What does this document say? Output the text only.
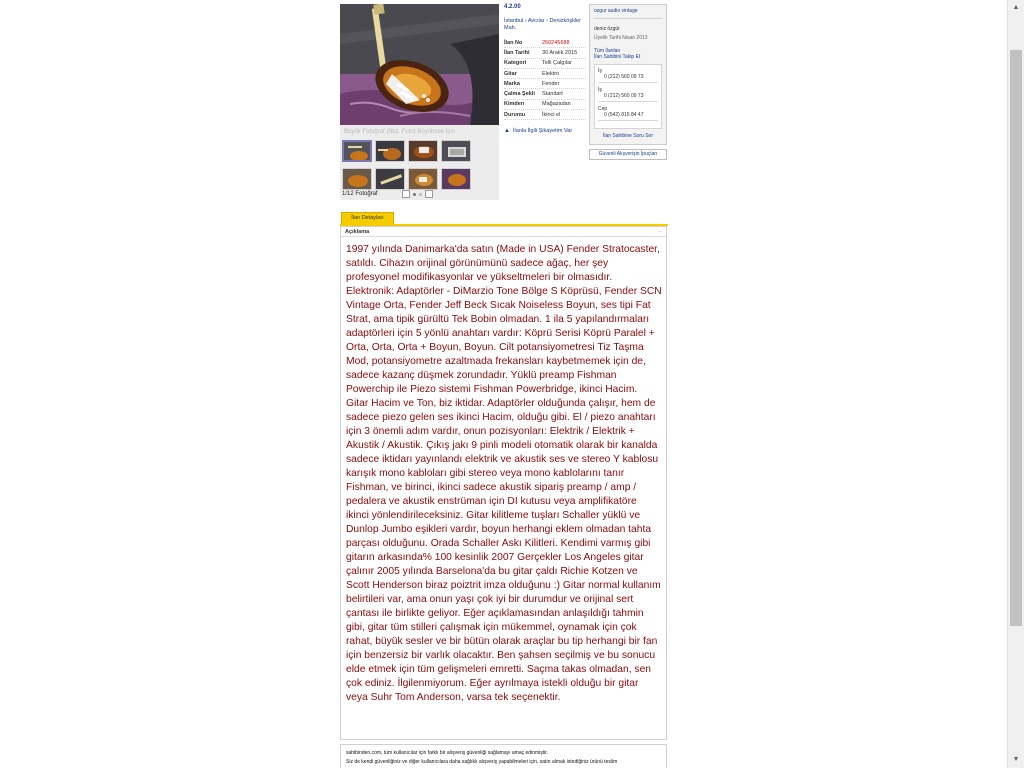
Büyük Fotoğraf (Bkz. Foto) Büyütmek İçin
1/12 Fotoğraf
4.2.00
İstanbul › Avcılar › Denizköşkler Mah.
İlan No	250245688
İlan Tarihi	30 Aralık 2015
Kategori	Telli Çalgılar
Gitar	Elektro
Marka	Fender
Çalma Şekli	Standart
Kimden	Mağazadan
Durumu	İkinci el
▲ İlanla İlgili Şikayetim Var
ozgur audio vintage
deniz özgür
Üyelik Tarihi Nisan 2013
Tüm İlanları
İlan Sahibini Takip Et
İş
0 (212) 560 09 73
İş
0 (212) 560 09 73
Cep
0 (542) 815 84 47
İlan Sahibine Soru Sor
Güvenli Alışverişin İpuçları
İlan Detayları
Açıklama	−
1997 yılında Danimarka'da satın (Made in USA) Fender Stratocaster, satıldı. Cihazın orijinal görünümünü sadece ağaç, her şey profesyonel modifikasyonlar ve yükseltmeleri bir olmasıdır. Elektronik: Adaptörler - DiMarzio Tone Bölge S Köprüsü, Fender SCN Vintage Orta, Fender Jeff Beck Sıcak Noiseless Boyun, ses tipi Fat Strat, ama tipik gürültü Tek Bobin olmadan. 1 ila 5 yapılandırmaları adaptörleri için 5 yönlü anahtarı vardır: Köprü Serisi Köprü Paralel + Orta, Orta, Orta + Boyun, Boyun. Cilt potansiyometresi Tiz Taşma Mod, potansiyometre azaltmada frekansları kaybetmemek için de, sadece kazanç düşmek zorundadır. Yüklü preamp Fishman Powerchip ile Piezo sistemi Fishman Powerbridge, ikinci Hacim. Gitar Hacim ve Ton, biz iktidar. Adaptörler olduğunda çalışır, hem de sadece piezo gelen ses ikinci Hacim, olduğu gibi. El / piezo anahtarı için 3 önemli adım vardır, onun pozisyonları: Elektrik / Elektrik + Akustik / Akustik. Çıkış jakı 9 pinli modeli otomatik olarak bir kanalda sadece iktidarı yayınlandı elektrik ve akustik ses ve stereo Y kablosu karışık mono kabloları gibi stereo veya mono kablolarını tanır Fishman, ve birinci, ikinci sadece akustik sipariş preamp / amp / pedalera ve akustik enstrüman için DI kutusu veya amplifikatöre ikinci yönlendirileceksiniz. Gitar kilitleme tuşları Schaller yüklü ve Dunlop Jumbo eşikleri vardır, boyun herhangi eklem olmadan tahta parçası olduğunu. Orada Schaller Askı Kilitleri. Kendimi varmış gibi gitarın arkasında% 100 kesinlik 2007 Gerçekler Los Angeles gitar çalınır 2005 yılında Barselona'da bu gitar çaldı Richie Kotzen ve Scott Henderson biraz poiztrit imza olduğunu :) Gitar normal kullanım belirtileri var, ama onun yaşı çok iyi bir durumdur ve orijinal sert çantası ile birlikte geliyor. Eğer açıklamasından anlaşıldığı tahmin gibi, gitar tüm stilleri çalışmak için mükemmel, oynamak için çok rahat, büyük sesler ve bir bütün olarak araçlar bu tip herhangi bir fan için benzersiz bir varlık olacaktır. Ben şahsen seçilmiş ve bu sonucu elde etmek için tüm gelişmeleri emretti. Saçma takas olmadan, sen çok ediniz. İlgilenmiyorum. Eğer ayrılmaya istekli olduğu bir gitar veya Suhr Tom Anderson, varsa tek seçenektir.
sahibinden.com, tüm kullanıcılar için farklı bir alışveriş güvenliği sağlamayı amaç edinmiştir.
Siz de kendi güvenliğiniz ve diğer kullanıcılara daha sağlıklı alışveriş yapabilmeleri için, satın almak istediğiniz ürünü teslim
▲
▼
